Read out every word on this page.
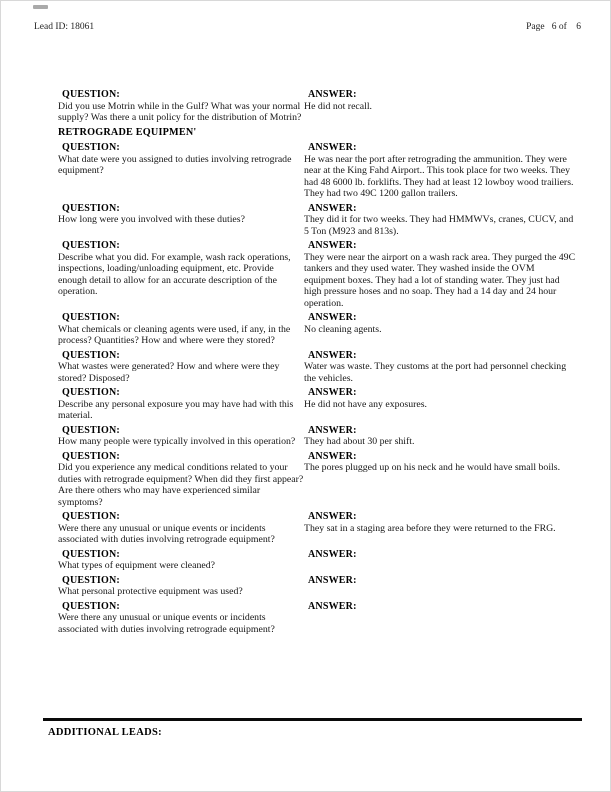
Lead ID: 18061	Page   6 of    6
QUESTION:
Did you use Motrin while in the Gulf? What was your normal supply? Was there a unit policy for the distribution of Motrin?
ANSWER:
He did not recall.
RETROGRADE EQUIPMEN'
QUESTION:
What date were you assigned to duties involving retrograde equipment?
ANSWER:
He was near the port after retrograding the ammunition. They were near at the King Fahd Airport.. This took place for two weeks. They had 48 6000 lb. forklifts. They had at least 12 lowboy wood trailiers. They had two 49C 1200 gallon trailers.
QUESTION:
How long were you involved with these duties?
ANSWER:
They did it for two weeks. They had HMMWVs, cranes, CUCV, and 5 Ton (M923 and 813s).
QUESTION:
Describe what you did. For example, wash rack operations, inspections, loading/unloading equipment, etc. Provide enough detail to allow for an accurate description of the operation.
ANSWER:
They were near the airport on a wash rack area. They purged the 49C tankers and they used water. They washed inside the OVM equipment boxes. They had a lot of standing water. They just had high pressure hoses and no soap. They had a 14 day and 24 hour operation.
QUESTION:
What chemicals or cleaning agents were used, if any, in the process? Quantities? How and where were they stored?
ANSWER:
No cleaning agents.
QUESTION:
What wastes were generated? How and where were they stored? Disposed?
ANSWER:
Water was waste. They customs at the port had personnel checking the vehicles.
QUESTION:
Describe any personal exposure you may have had with this material.
ANSWER:
He did not have any exposures.
QUESTION:
How many people were typically involved in this operation?
ANSWER:
They had about 30 per shift.
QUESTION:
Did you experience any medical conditions related to your duties with retrograde equipment? When did they first appear? Are there others who may have experienced similar symptoms?
ANSWER:
The pores plugged up on his neck and he would have small boils.
QUESTION:
Were there any unusual or unique events or incidents associated with duties involving retrograde equipment?
ANSWER:
They sat in a staging area before they were returned to the FRG.
QUESTION:
What types of equipment were cleaned?
ANSWER:
QUESTION:
What personal protective equipment was used?
ANSWER:
QUESTION:
Were there any unusual or unique events or incidents associated with duties involving retrograde equipment?
ANSWER:
ADDITIONAL LEADS:
